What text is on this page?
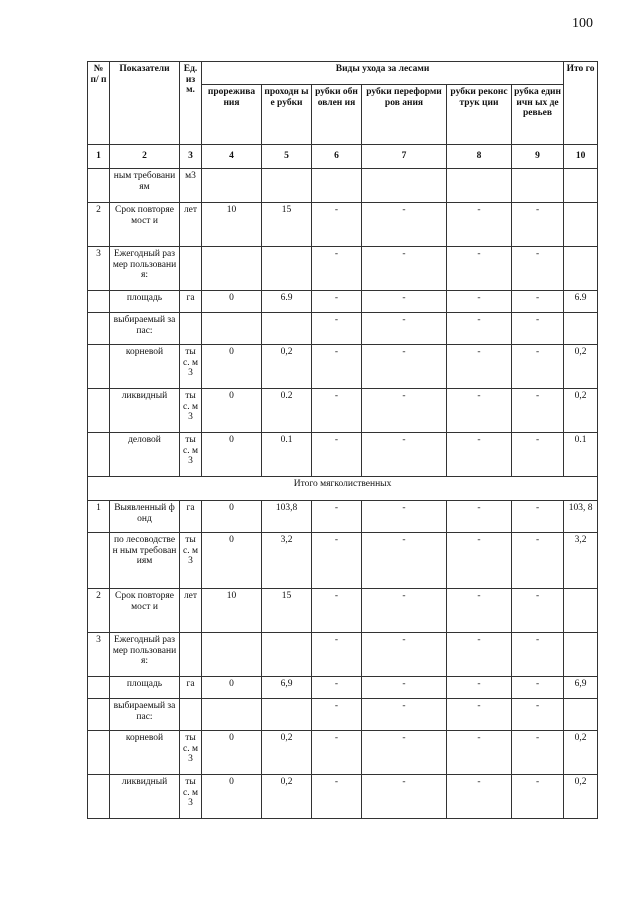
100
№ п/ п	Показатели	Ед. из м.	Виды ухода за лесами						Ито го
			прорежива ния	проходн ые рубки	рубки обновлен ия	рубки переформиров ания	рубки реконструк ции	рубка единичн ых деревьев	
1	2	3	4	5	6	7	8	9	10
	ным требованиям	м3							
2	Срок повторяемост и	лет	10	15	-	-	-	-	
3	Ежегодный размер пользования:				-	-	-	-	
	площадь	га	0	6.9	-	-	-	-	6.9
	выбираемый запас:				-	-	-	-	
	корневой	ты с. м3	0	0,2	-	-	-	-	0,2
	ликвидный	ты с. м3	0	0.2	-	-	-	-	0,2
	деловой	ты с. м3	0	0.1	-	-	-	-	0.1
Итого мягколиственных									
1	Выявленный фонд	га	0	103,8	-	-	-	-	103, 8
	по лесоводствен ным требованиям	ты с. м3	0	3,2	-	-	-	-	3,2
2	Срок повторяемост и	лет	10	15	-	-	-	-	
3	Ежегодный размер пользования:				-	-	-	-	
	площадь	га	0	6,9	-	-	-	-	6,9
	выбираемый запас:				-	-	-	-	
	корневой	ты с. м3	0	0,2	-	-	-	-	0,2
	ликвидный	ты с. м3	0	0,2	-	-	-	-	0,2
